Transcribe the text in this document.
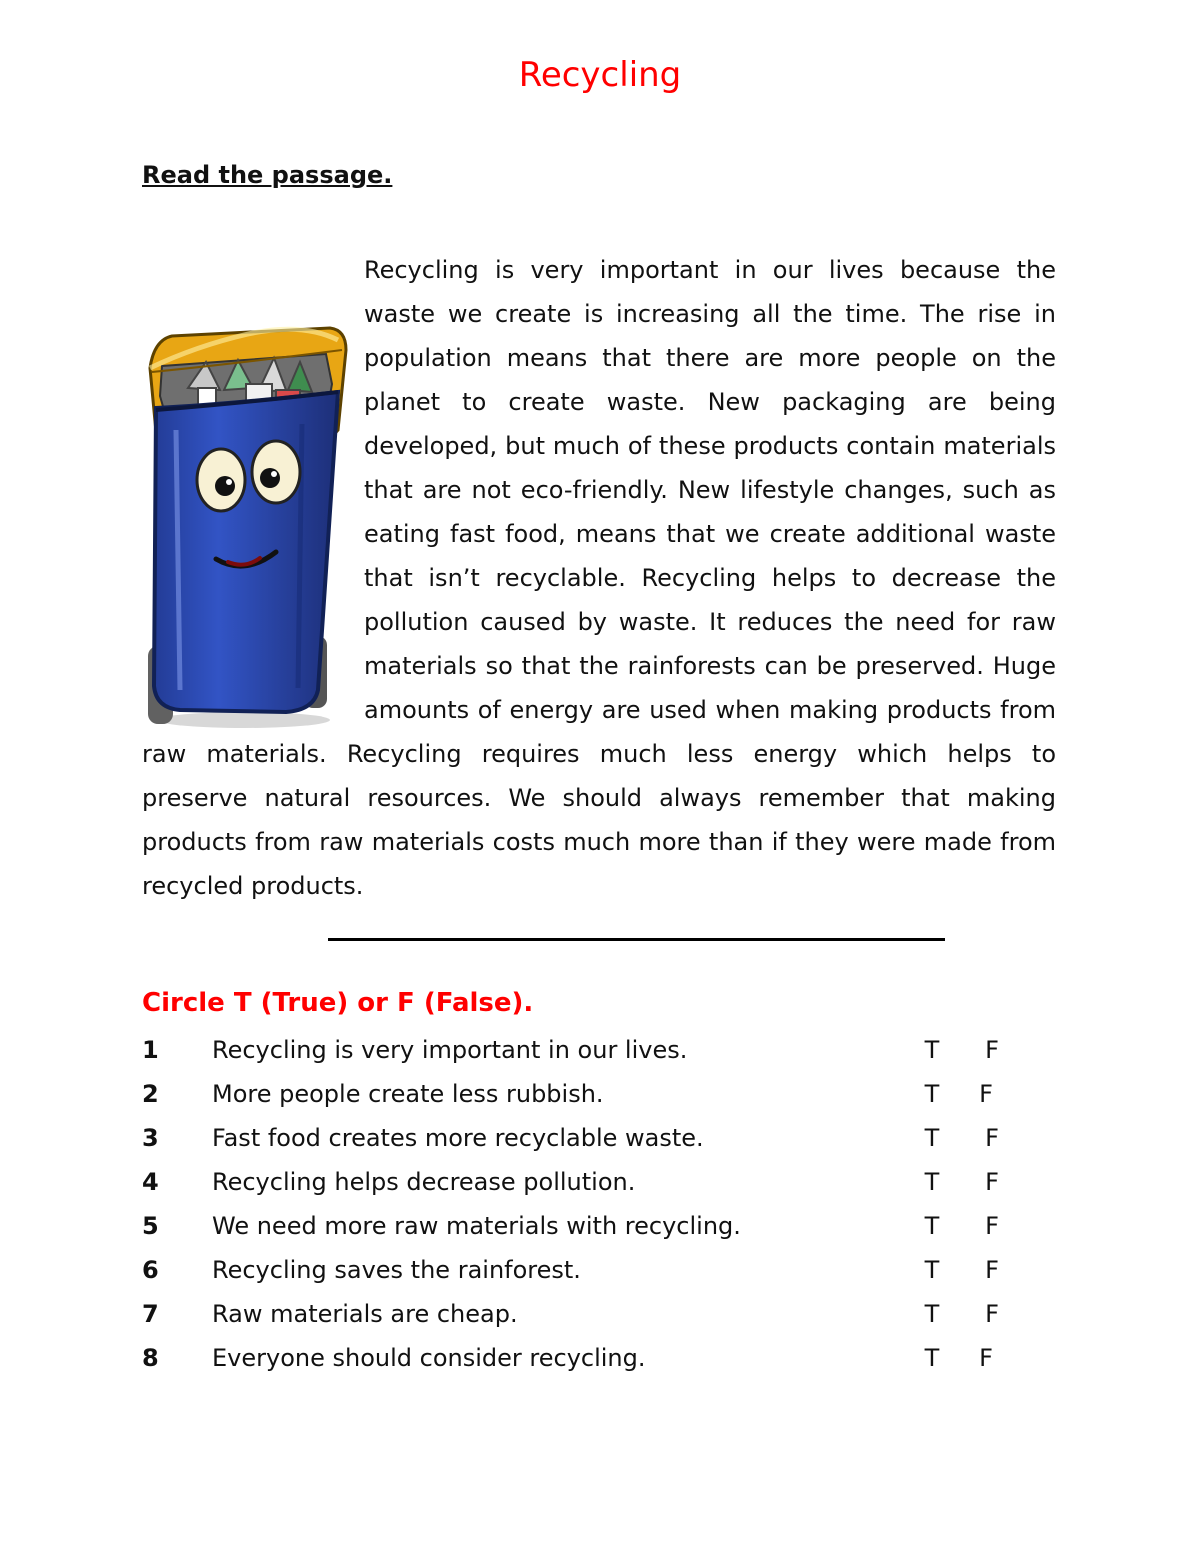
Recycling
Read the passage.

Recycling is very important in our lives because the waste we create is increasing all the time. The rise in population means that there are more people on the planet to create waste. New packaging are being developed, but much of these products contain materials that are not eco-friendly. New lifestyle changes, such as eating fast food, means that we create additional waste that isn’t recyclable. Recycling helps to decrease the pollution caused by waste. It reduces the need for raw materials so that the rainforests can be preserved. Huge amounts of energy are used when making products from raw materials. Recycling requires much less energy which helps to preserve natural resources. We should always remember that making products from raw materials costs much more than if they were made from recycled products.

Circle T (True) or F (False).
1 Recycling is very important in our lives.	T F
2 More people create less rubbish.	T F
3 Fast food creates more recyclable waste.	T F
4 Recycling helps decrease pollution.	T F
5 We need more raw materials with recycling.	T F
6 Recycling saves the rainforest.	T F
7 Raw materials are cheap.	T F
8 Everyone should consider recycling.	T F
